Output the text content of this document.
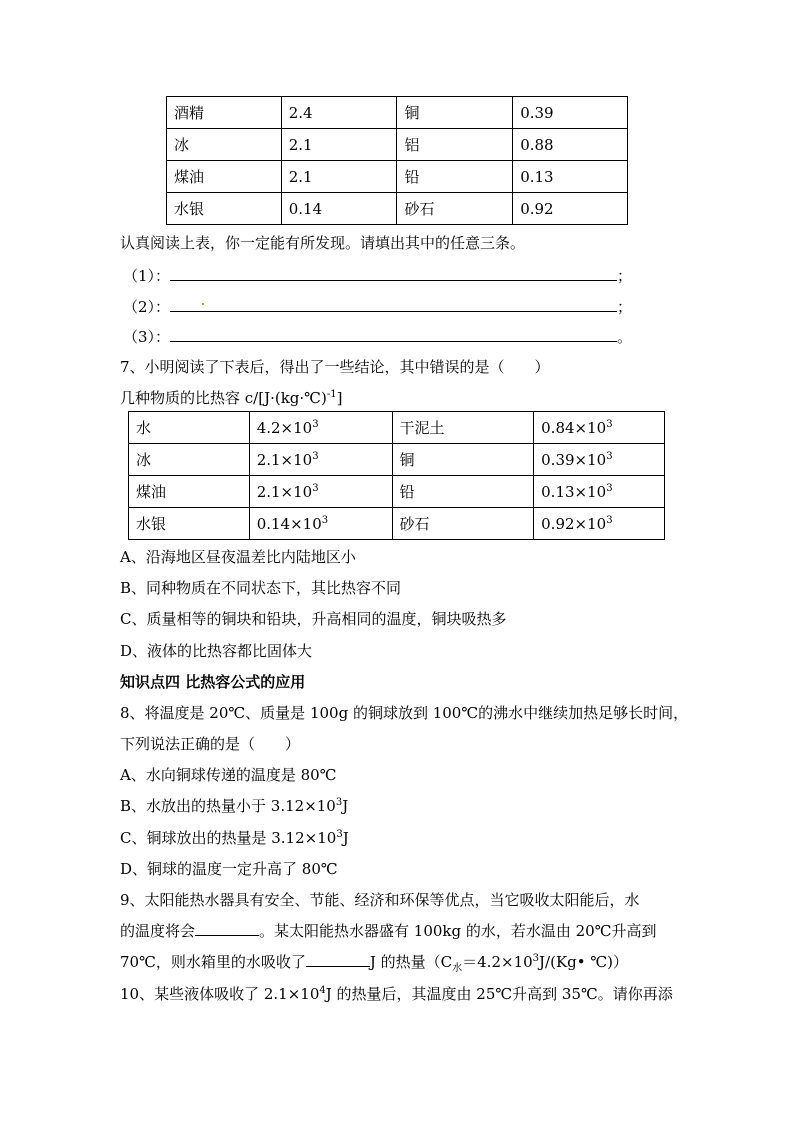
酒精	2.4	铜	0.39
冰	2.1	铝	0.88
煤油	2.1	铅	0.13
水银	0.14	砂石	0.92
认真阅读上表，你一定能有所发现。请填出其中的任意三条。
（1）：	；
（2）：	；
（3）：	。
7、小明阅读了下表后，得出了一些结论，其中错误的是（　　）
几种物质的比热容 c/[J·(kg·℃)$^{-1}$]
水	$4.2\times 10^3$	干泥土	$0.84\times 10^3$
冰	$2.1\times 10^3$	铜	$0.39\times 10^3$
煤油	$2.1\times 10^3$	铅	$0.13\times 10^3$
水银	$0.14\times 10^3$	砂石	$0.92\times 10^3$
A、沿海地区昼夜温差比内陆地区小
B、同种物质在不同状态下，其比热容不同
C、质量相等的铜块和铅块，升高相同的温度，铜块吸热多
D、液体的比热容都比固体大
知识点四 比热容公式的应用
8、将温度是 20℃、质量是 100g 的铜球放到 100℃的沸水中继续加热足够长时间，
下列说法正确的是（　　）
A、水向铜球传递的温度是 80℃
B、水放出的热量小于 $3.12\times 10^3J$
C、铜球放出的热量是 $3.12\times 10^3J$
D、铜球的温度一定升高了 80℃
9、太阳能热水器具有安全、节能、经济和环保等优点，当它吸收太阳能后，水
的温度将会	。某太阳能热水器盛有 100kg 的水，若水温由 20℃升高到
70℃，则水箱里的水吸收了	J 的热量（$C_水=4.2\times 10^3J/(Kg•$ ℃)）
10、某些液体吸收了 $2.1\times 10^4J$ 的热量后，其温度由 25℃升高到 35℃。请你再添
